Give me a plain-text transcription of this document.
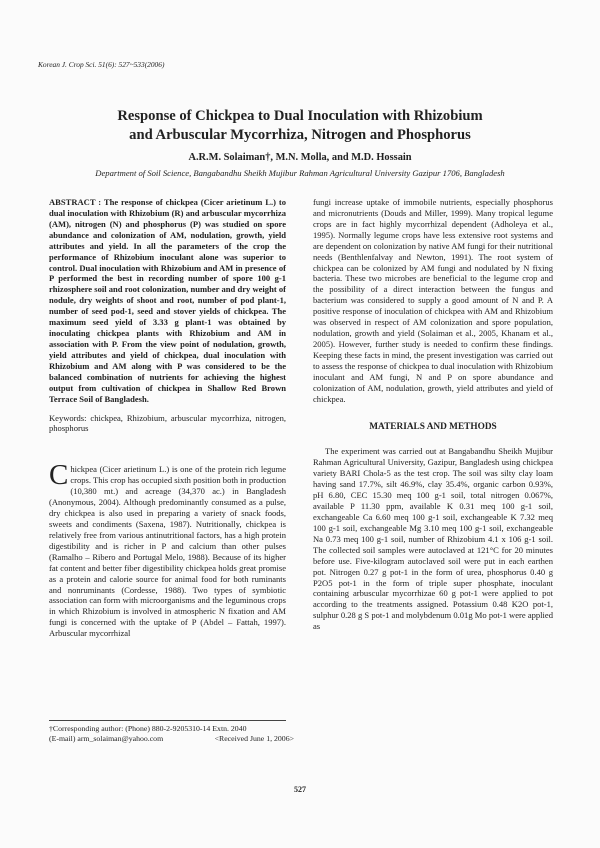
Korean J. Crop Sci. 51(6): 527~533(2006)
Response of Chickpea to Dual Inoculation with Rhizobium
and Arbuscular Mycorrhiza, Nitrogen and Phosphorus
A.R.M. Solaiman†, M.N. Molla, and M.D. Hossain
Department of Soil Science, Bangabandhu Sheikh Mujibur Rahman Agricultural University Gazipur 1706, Bangladesh

ABSTRACT : The response of chickpea (Cicer arietinum L.) to dual inoculation with Rhizobium (R) and arbuscular mycorrhiza (AM), nitrogen (N) and phosphorus (P) was studied on spore abundance and colonization of AM, nodulation, growth, yield attributes and yield. In all the parameters of the crop the performance of Rhizobium inoculant alone was superior to control. Dual inoculation with Rhizobium and AM in presence of P performed the best in recording number of spore 100 g-1 rhizosphere soil and root colonization, number and dry weight of nodule, dry weights of shoot and root, number of pod plant-1, number of seed pod-1, seed and stover yields of chickpea. The maximum seed yield of 3.33 g plant-1 was obtained by inoculating chickpea plants with Rhizobium and AM in association with P. From the view point of nodulation, growth, yield attributes and yield of chickpea, dual inoculation with Rhizobium and AM along with P was considered to be the balanced combination of nutrients for achieving the highest output from cultivation of chickpea in Shallow Red Brown Terrace Soil of Bangladesh.

Keywords: chickpea, Rhizobium, arbuscular mycorrhiza, nitrogen, phosphorus

Chickpea (Cicer arietinum L.) is one of the protein rich legume crops. This crop has occupied sixth position both in production (10,380 mt.) and acreage (34,370 ac.) in Bangladesh (Anonymous, 2004). Although predominantly consumed as a pulse, dry chickpea is also used in preparing a variety of snack foods, sweets and condiments (Saxena, 1987). Nutritionally, chickpea is relatively free from various antinutritional factors, has a high protein digestibility and is richer in P and calcium than other pulses (Ramalho – Ribero and Portugal Melo, 1988). Because of its higher fat content and better fiber digestibility chickpea holds great promise as a protein and calorie source for animal food for both ruminants and nonruminants (Cordesse, 1988). Two types of symbiotic association can form with microorganisms and the leguminous crops in which Rhizobium is involved in atmospheric N fixation and AM fungi is concerned with the uptake of P (Abdel – Fattah, 1997). Arbuscular mycorrhizal

fungi increase uptake of immobile nutrients, especially phosphorus and micronutrients (Douds and Miller, 1999). Many tropical legume crops are in fact highly mycorrhizal dependent (Adholeya et al., 1995). Normally legume crops have less extensive root systems and are dependent on colonization by native AM fungi for their nutritional needs (Benthlenfalvay and Newton, 1991). The root system of chickpea can be colonized by AM fungi and nodulated by N fixing bacteria. These two microbes are beneficial to the legume crop and the possibility of a direct interaction between the fungus and bacterium was considered to supply a good amount of N and P. A positive response of inoculation of chickpea with AM and Rhizobium was observed in respect of AM colonization and spore population, nodulation, growth and yield (Solaiman et al., 2005, Khanam et al., 2005). However, further study is needed to confirm these findings. Keeping these facts in mind, the present investigation was carried out to assess the response of chickpea to dual inoculation with Rhizobium inoculant and AM fungi, N and P on spore abundance and colonization of AM, nodulation, growth, yield attributes and yield of chickpea.

MATERIALS AND METHODS

The experiment was carried out at Bangabandhu Sheikh Mujibur Rahman Agricultural University, Gazipur, Bangladesh using chickpea variety BARI Chola-5 as the test crop. The soil was silty clay loam having sand 17.7%, silt 46.9%, clay 35.4%, organic carbon 0.93%, pH 6.80, CEC 15.30 meq 100 g-1 soil, total nitrogen 0.067%, available P 11.30 ppm, available K 0.31 meq 100 g-1 soil, exchangeable Ca 6.60 meq 100 g-1 soil, exchangeable K 7.32 meq 100 g-1 soil, exchangeable Mg 3.10 meq 100 g-1 soil, exchangeable Na 0.73 meq 100 g-1 soil, number of Rhizobium 4.1 x 106 g-1 soil. The collected soil samples were autoclaved at 121°C for 20 minutes before use. Five-kilogram autoclaved soil were put in each earthen pot. Nitrogen 0.27 g pot-1 in the form of urea, phosphorus 0.40 g P2O5 pot-1 in the form of triple super phosphate, inoculant containing arbuscular mycorrhizae 60 g pot-1 were applied to pot according to the treatments assigned. Potassium 0.48 K2O pot-1, sulphur 0.28 g S pot-1 and molybdenum 0.01g Mo pot-1 were applied as

†Corresponding author: (Phone) 880-2-9205310-14 Extn. 2040
(E-mail) arm_solaiman@yahoo.com	<Received June 1, 2006>
527
